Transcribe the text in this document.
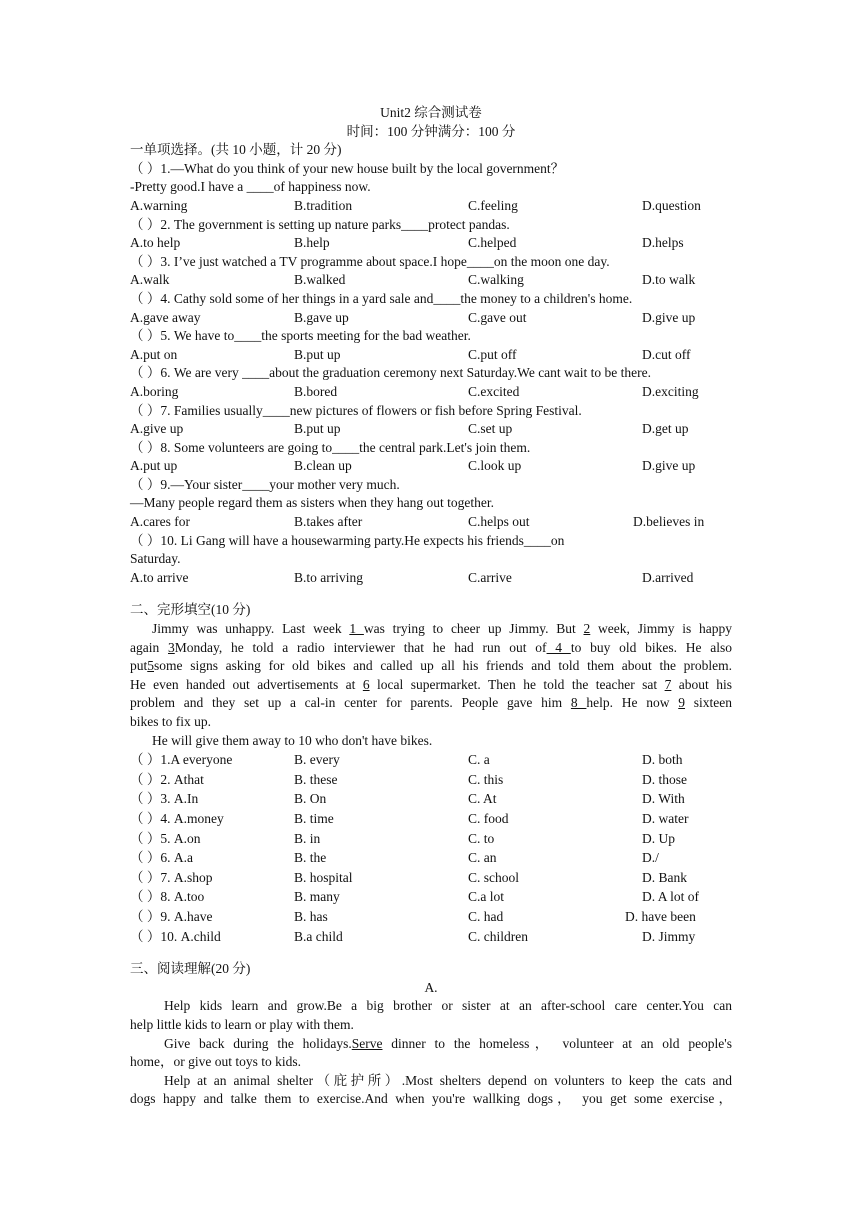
Unit2 综合测试卷
时间：100 分钟满分：100 分
一单项选择。(共 10 小题，计 20 分)
（ ）1.—What do you think of your new house built by the local government？
-Pretty good.I have a ____of happiness now.
A.warning	B.tradition	C.feeling	D.question
（ ）2. The government is setting up nature parks____protect pandas.
A.to help	B.help	C.helped	D.helps
（ ）3. I’ve just watched a TV programme about space.I hope____on the moon one day.
A.walk	B.walked	C.walking	D.to walk
（ ）4. Cathy sold some of her things in a yard sale and____the money to a children's home.
A.gave away	B.gave up	C.gave out	D.give up
（ ）5. We have to____the sports meeting for the bad weather.
A.put on	B.put up	C.put off	D.cut off
（ ）6. We are very ____about the graduation ceremony next Saturday.We cant wait to be there.
A.boring	B.bored	C.excited	D.exciting
（ ）7. Families usually____new pictures of flowers or fish before Spring Festival.
A.give up	B.put up	C.set up	D.get up
（ ）8. Some volunteers are going to____the central park.Let's join them.
A.put up	B.clean up	C.look up	D.give up
（ ）9.—Your sister____your mother very much.
—Many people regard them as sisters when they hang out together.
A.cares for	B.takes after	C.helps out	D.believes in
（ ）10. Li Gang will have a housewarming party.He expects his friends____on
Saturday.
A.to arrive	B.to arriving	C.arrive	D.arrived
二、完形填空(10 分)
Jimmy was unhappy. Last week 1 was trying to cheer up Jimmy. But 2 week, Jimmy is happy
again 3Monday, he told a radio interviewer that he had run out of 4 to buy old bikes. He also
put5some signs asking for old bikes and called up all his friends and told them about the problem.
He even handed out advertisements at 6 local supermarket. Then he told the teacher sat 7 about his
problem and they set up a cal-in center for parents. People gave him 8 help. He now 9 sixteen
bikes to fix up.
He will give them away to 10 who don't have bikes.
（ ）1.A everyone	B. every	C. a	D. both
（ ）2. Athat	B. these	C. this	D. those
（ ）3. A.In	B. On	C. At	D. With
（ ）4. A.money	B. time	C. food	D. water
（ ）5. A.on	B. in	C. to	D. Up
（ ）6. A.a	B. the	C. an	D./
（ ）7. A.shop	B. hospital	C. school	D. Bank
（ ）8. A.too	B. many	C.a lot	D. A lot of
（ ）9. A.have	B. has	C. had	D. have been
（ ）10. A.child	B.a child	C. children	D. Jimmy
三、阅读理解(20 分)
A.
Help kids learn and grow.Be a big brother or sister at an after-school care center.You can
help little kids to learn or play with them.
Give back during the holidays.Serve dinner to the homeless， volunteer at an old people's
home，or give out toys to kids.
Help at an animal shelter（庇护所）.Most shelters depend on volunters to keep the cats and
dogs happy and talke them to exercise.And when you're wallking dogs， you get some exercise，
